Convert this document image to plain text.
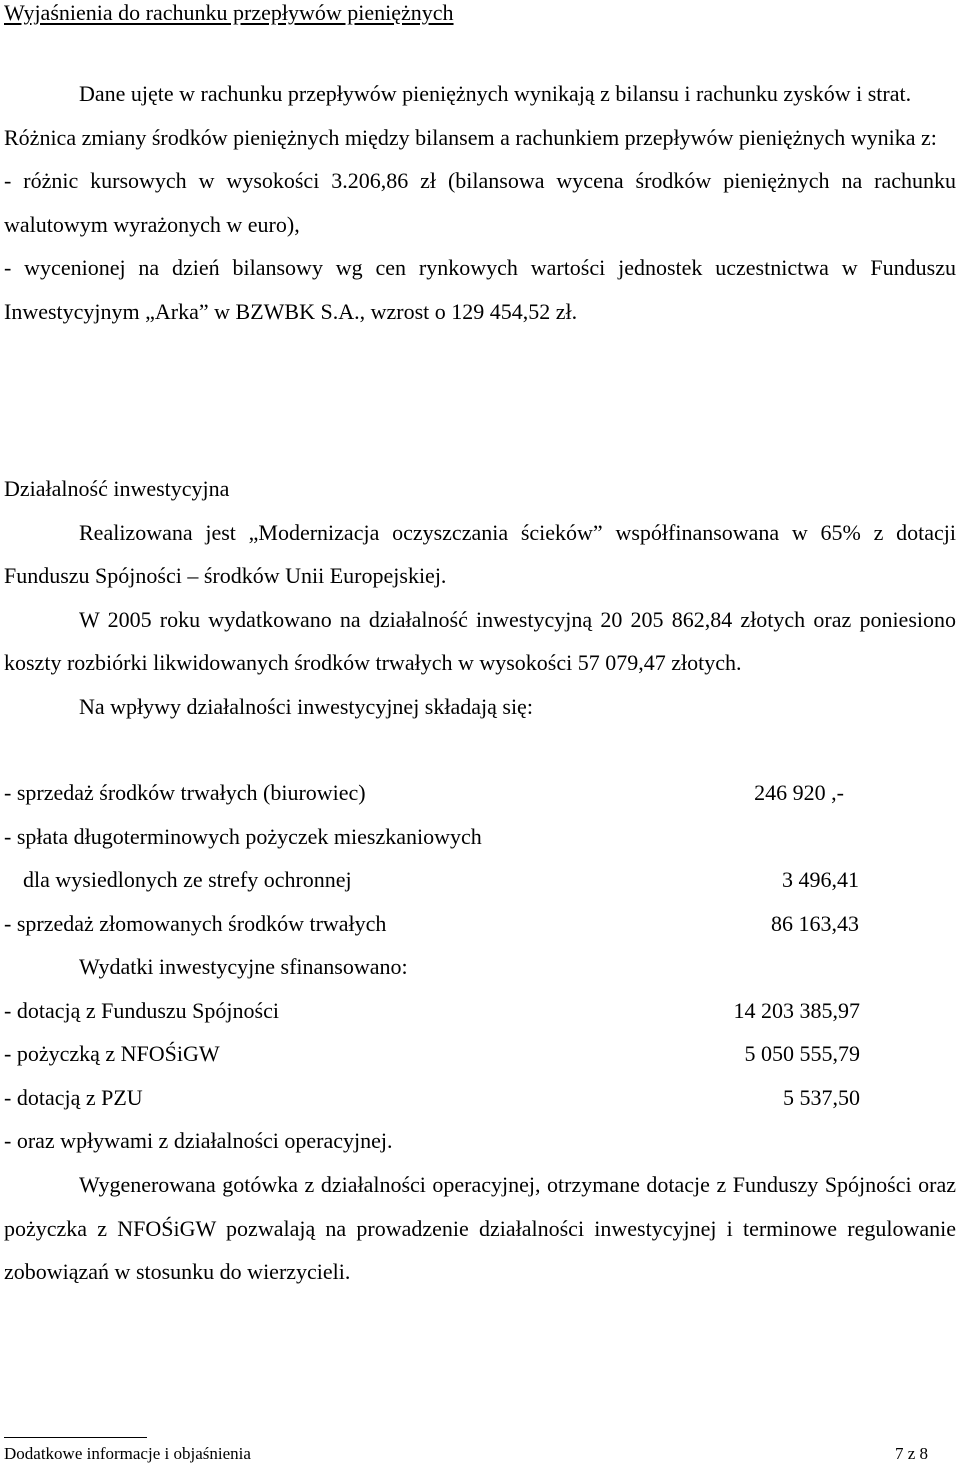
Wyjaśnienia do rachunku przepływów pieniężnych

Dane ujęte w rachunku przepływów pieniężnych wynikają z bilansu i rachunku zysków i strat.

Różnica zmiany środków pieniężnych między bilansem a rachunkiem przepływów pieniężnych wynika z:

- różnic kursowych w wysokości 3.206,86 zł (bilansowa wycena środków pieniężnych na rachunku walutowym wyrażonych w euro),

- wycenionej na dzień bilansowy wg cen rynkowych wartości jednostek uczestnictwa w Funduszu Inwestycyjnym „Arka” w BZWBK S.A., wzrost o 129 454,52 zł.

Działalność inwestycyjna

Realizowana jest „Modernizacja oczyszczania ścieków” współfinansowana w 65% z dotacji Funduszu Spójności – środków Unii Europejskiej.

W 2005 roku wydatkowano na działalność inwestycyjną 20 205 862,84 złotych oraz poniesiono koszty rozbiórki likwidowanych środków trwałych w wysokości 57 079,47 złotych.

Na wpływy działalności inwestycyjnej składają się:

- sprzedaż środków trwałych (biurowiec)	246 920 ,-
- spłata długoterminowych pożyczek mieszkaniowych
dla wysiedlonych ze strefy ochronnej	3 496,41
- sprzedaż złomowanych środków trwałych	86 163,43
Wydatki inwestycyjne sfinansowano:
- dotacją z Funduszu Spójności	14 203 385,97
- pożyczką z NFOŚiGW	5 050 555,79
- dotacją z PZU	5 537,50
- oraz wpływami z działalności operacyjnej.

Wygenerowana gotówka z działalności operacyjnej, otrzymane dotacje z Funduszy Spójności oraz pożyczka z NFOŚiGW pozwalają na prowadzenie działalności inwestycyjnej i terminowe regulowanie zobowiązań w stosunku do wierzycieli.

Dodatkowe informacje i objaśnienia	7 z 8
